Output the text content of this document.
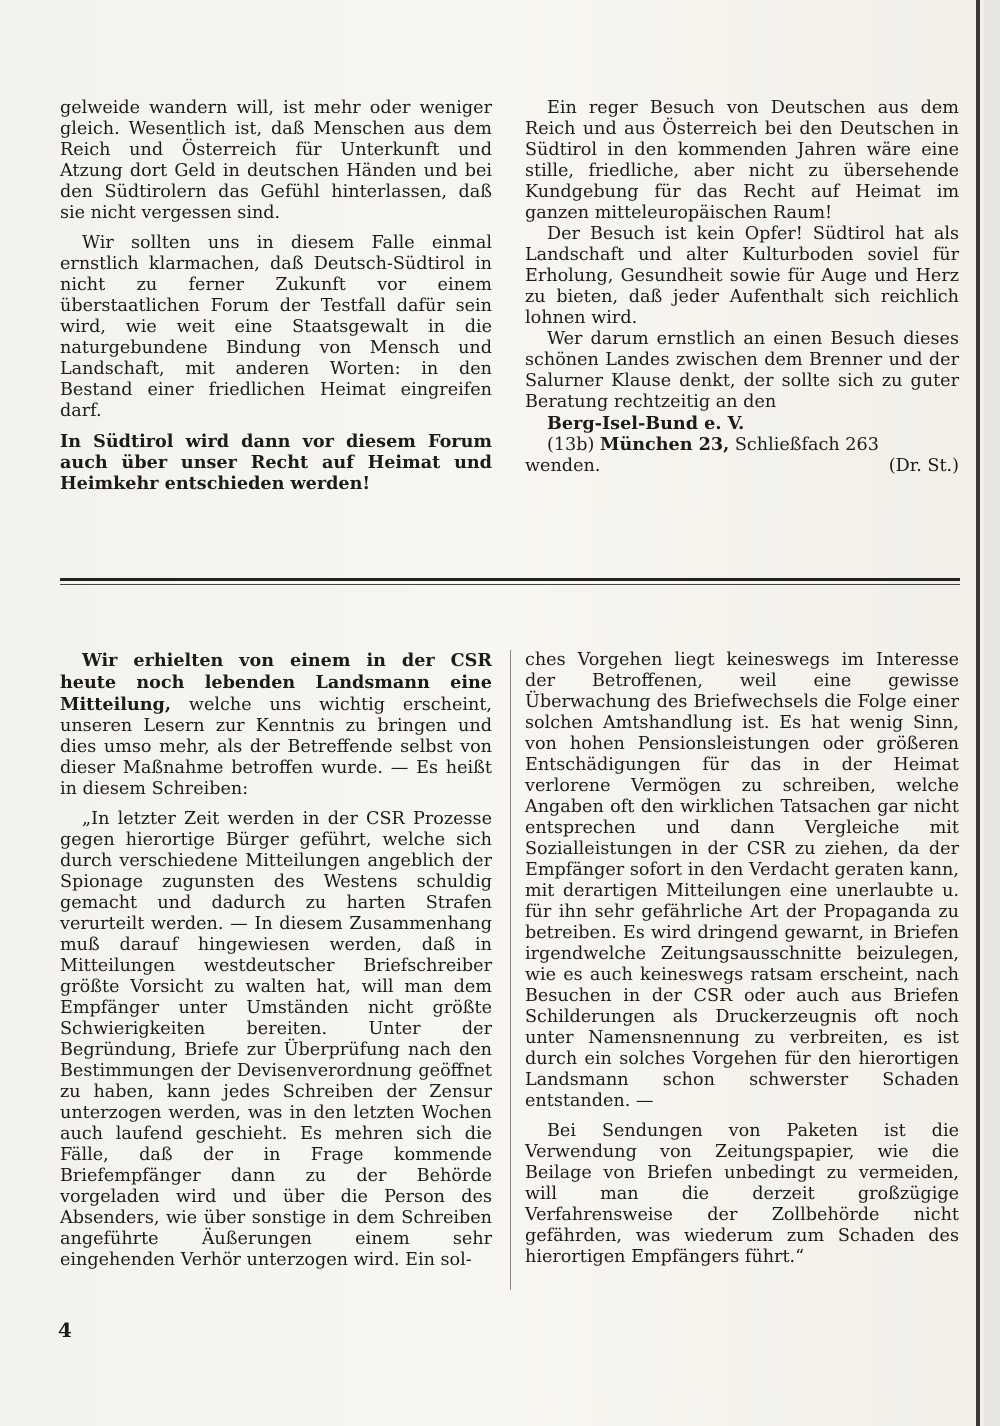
gelweide wandern will, ist mehr oder weniger gleich. Wesentlich ist, daß Menschen aus dem Reich und Österreich für Unterkunft und Atzung dort Geld in deutschen Händen und bei den Südtirolern das Gefühl hinterlassen, daß sie nicht vergessen sind.

Wir sollten uns in diesem Falle einmal ernstlich klarmachen, daß Deutsch-Südtirol in nicht zu ferner Zukunft vor einem überstaatlichen Forum der Testfall dafür sein wird, wie weit eine Staatsgewalt in die naturgebundene Bindung von Mensch und Landschaft, mit anderen Worten: in den Bestand einer friedlichen Heimat eingreifen darf.

In Südtirol wird dann vor diesem Forum auch über unser Recht auf Heimat und Heimkehr entschieden werden!

Ein reger Besuch von Deutschen aus dem Reich und aus Österreich bei den Deutschen in Südtirol in den kommenden Jahren wäre eine stille, friedliche, aber nicht zu übersehende Kundgebung für das Recht auf Heimat im ganzen mitteleuropäischen Raum!

Der Besuch ist kein Opfer! Südtirol hat als Landschaft und alter Kulturboden soviel für Erholung, Gesundheit sowie für Auge und Herz zu bieten, daß jeder Aufenthalt sich reichlich lohnen wird.

Wer darum ernstlich an einen Besuch dieses schönen Landes zwischen dem Brenner und der Salurner Klause denkt, der sollte sich zu guter Beratung rechtzeitig an den

Berg-Isel-Bund e. V.

(13b) München 23, Schließfach 263

wenden.	(Dr. St.)

Wir erhielten von einem in der CSR heute noch lebenden Landsmann eine Mitteilung, welche uns wichtig erscheint, unseren Lesern zur Kenntnis zu bringen und dies umso mehr, als der Betreffende selbst von dieser Maßnahme betroffen wurde. — Es heißt in diesem Schreiben:

„In letzter Zeit werden in der CSR Prozesse gegen hierortige Bürger geführt, welche sich durch verschiedene Mitteilungen angeblich der Spionage zugunsten des Westens schuldig gemacht und dadurch zu harten Strafen verurteilt werden. — In diesem Zusammenhang muß darauf hingewiesen werden, daß in Mitteilungen westdeutscher Briefschreiber größte Vorsicht zu walten hat, will man dem Empfänger unter Umständen nicht größte Schwierigkeiten bereiten. Unter der Begründung, Briefe zur Überprüfung nach den Bestimmungen der Devisenverordnung geöffnet zu haben, kann jedes Schreiben der Zensur unterzogen werden, was in den letzten Wochen auch laufend geschieht. Es mehren sich die Fälle, daß der in Frage kommende Briefempfänger dann zu der Behörde vorgeladen wird und über die Person des Absenders, wie über sonstige in dem Schreiben angeführte Äußerungen einem sehr eingehenden Verhör unterzogen wird. Ein sol-

ches Vorgehen liegt keineswegs im Interesse der Betroffenen, weil eine gewisse Überwachung des Briefwechsels die Folge einer solchen Amtshandlung ist. Es hat wenig Sinn, von hohen Pensionsleistungen oder größeren Entschädigungen für das in der Heimat verlorene Vermögen zu schreiben, welche Angaben oft den wirklichen Tatsachen gar nicht entsprechen und dann Vergleiche mit Sozialleistungen in der CSR zu ziehen, da der Empfänger sofort in den Verdacht geraten kann, mit derartigen Mitteilungen eine unerlaubte u. für ihn sehr gefährliche Art der Propaganda zu betreiben. Es wird dringend gewarnt, in Briefen irgendwelche Zeitungsausschnitte beizulegen, wie es auch keineswegs ratsam erscheint, nach Besuchen in der CSR oder auch aus Briefen Schilderungen als Druckerzeugnis oft noch unter Namensnennung zu verbreiten, es ist durch ein solches Vorgehen für den hierortigen Landsmann schon schwerster Schaden entstanden. —

Bei Sendungen von Paketen ist die Verwendung von Zeitungspapier, wie die Beilage von Briefen unbedingt zu vermeiden, will man die derzeit großzügige Verfahrensweise der Zollbehörde nicht gefährden, was wiederum zum Schaden des hierortigen Empfängers führt.“

4
